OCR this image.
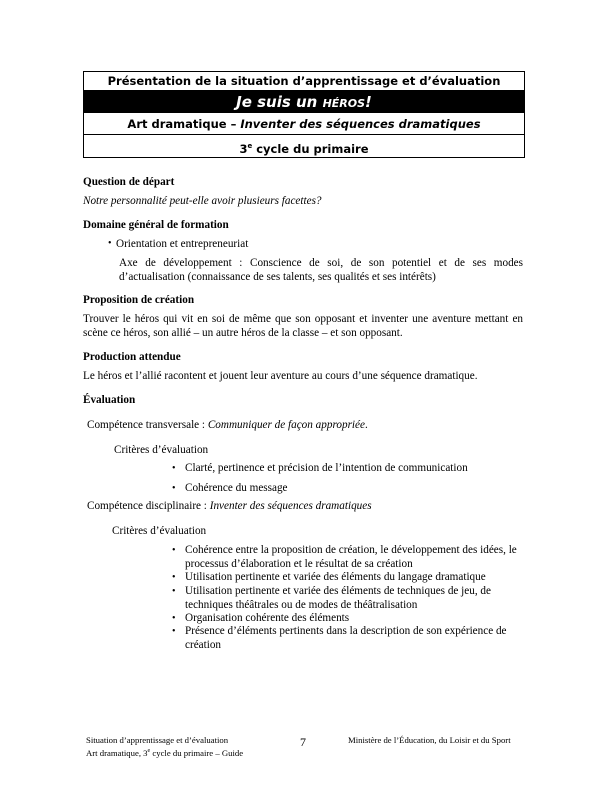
Présentation de la situation d’apprentissage et d’évaluation
Je suis un HÉROS!
Art dramatique – Inventer des séquences dramatiques
3e cycle du primaire
Question de départ
Notre personnalité peut-elle avoir plusieurs facettes?
Domaine général de formation
• Orientation et entrepreneuriat
Axe de développement : Conscience de soi, de son potentiel et de ses modes d’actualisation (connaissance de ses talents, ses qualités et ses intérêts)
Proposition de création
Trouver le héros qui vit en soi de même que son opposant et inventer une aventure mettant en scène ce héros, son allié – un autre héros de la classe – et son opposant.
Production attendue
Le héros et l’allié racontent et jouent leur aventure au cours d’une séquence dramatique.
Évaluation
Compétence transversale : Communiquer de façon appropriée.
Critères d’évaluation
• Clarté, pertinence et précision de l’intention de communication
• Cohérence du message
Compétence disciplinaire : Inventer des séquences dramatiques
Critères d’évaluation
• Cohérence entre la proposition de création, le développement des idées, le processus d’élaboration et le résultat de sa création
• Utilisation pertinente et variée des éléments du langage dramatique
• Utilisation pertinente et variée des éléments de techniques de jeu, de techniques théâtrales ou de modes de théâtralisation
• Organisation cohérente des éléments
• Présence d’éléments pertinents dans la description de son expérience de création
Situation d’apprentissage et d’évaluation
Art dramatique, 3e cycle du primaire – Guide
7	Ministère de l’Éducation, du Loisir et du Sport
